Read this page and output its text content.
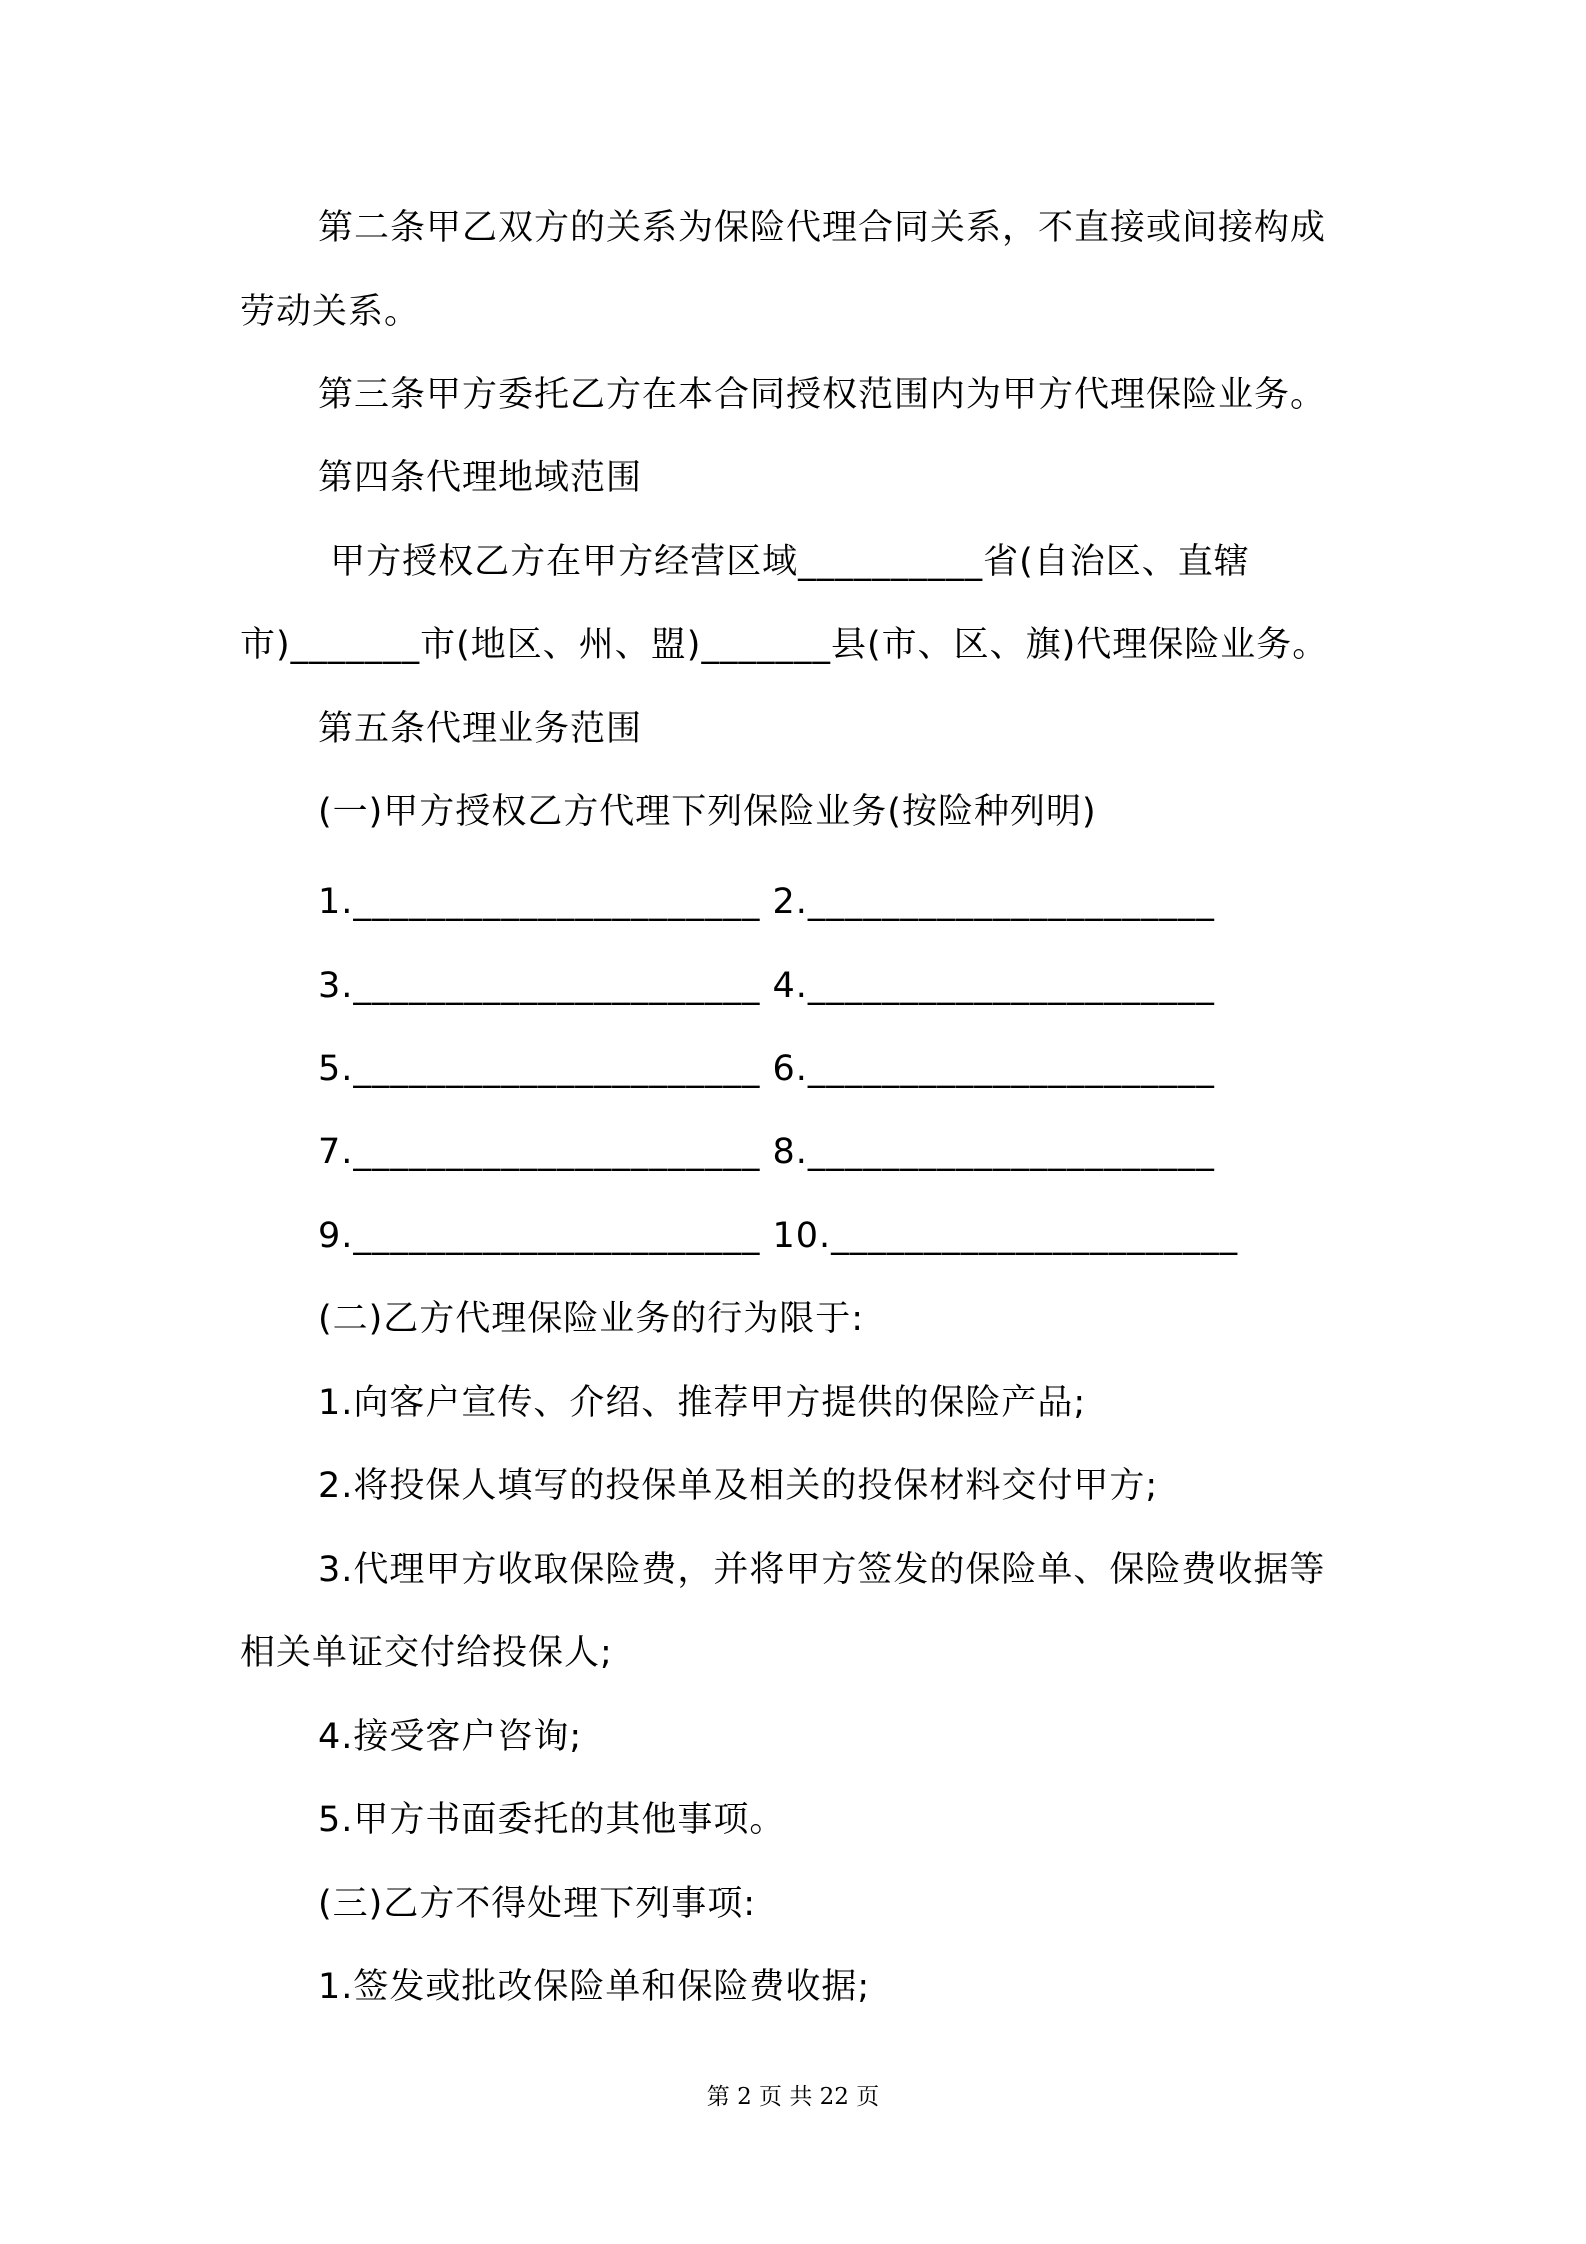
第二条甲乙双方的关系为保险代理合同关系，不直接或间接构成
劳动关系。
第三条甲方委托乙方在本合同授权范围内为甲方代理保险业务。
第四条代理地域范围
甲方授权乙方在甲方经营区域__________省(自治区、直辖
市)_______市(地区、州、盟)_______县(市、区、旗)代理保险业务。
第五条代理业务范围
(一)甲方授权乙方代理下列保险业务(按险种列明)
1.______________________ 2.______________________
3.______________________ 4.______________________
5.______________________ 6.______________________
7.______________________ 8.______________________
9.______________________ 10.______________________
(二)乙方代理保险业务的行为限于:
1.向客户宣传、介绍、推荐甲方提供的保险产品;
2.将投保人填写的投保单及相关的投保材料交付甲方;
3.代理甲方收取保险费，并将甲方签发的保险单、保险费收据等
相关单证交付给投保人;
4.接受客户咨询;
5.甲方书面委托的其他事项。
(三)乙方不得处理下列事项:
1.签发或批改保险单和保险费收据;
第 2 页 共 22 页
